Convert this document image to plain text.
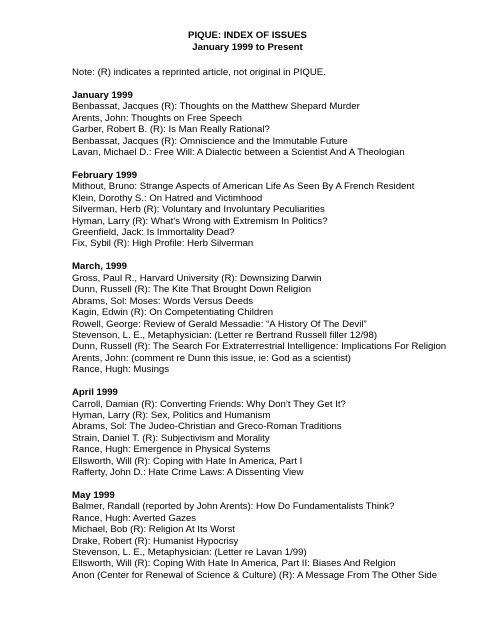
PIQUE: INDEX OF ISSUES
January 1999 to Present
Note: (R) indicates a reprinted article, not original in PIQUE.
January 1999
Benbassat, Jacques (R): Thoughts on the Matthew Shepard Murder
Arents, John: Thoughts on Free Speech
Garber, Robert B. (R): Is Man Really Rational?
Benbassat, Jacques (R): Omniscience and the Immutable Future
Lavan, Michael D.: Free Will: A Dialectic between a Scientist And A Theologian
February 1999
Mithout, Bruno: Strange Aspects of American Life As Seen By A French Resident
Klein, Dorothy S.: On Hatred and Victimhood
Silverman, Herb (R): Voluntary and Involuntary Peculiarities
Hyman, Larry (R): What’s Wrong with Extremism In Politics?
Greenfield, Jack: Is Immortality Dead?
Fix, Sybil (R): High Profile: Herb Silverman
March, 1999
Gross, Paul R., Harvard University (R): Downsizing Darwin
Dunn, Russell (R): The Kite That Brought Down Religion
Abrams, Sol: Moses: Words Versus Deeds
Kagin, Edwin (R): On Competentiating Children
Rowell, George: Review of Gerald Messadie: “A History Of The Devil”
Stevenson, L. E., Metaphysician: (Letter re Bertrand Russell filler 12/98)
Dunn, Russell (R): The Search For Extraterrestrial Intelligence: Implications For Religion
Arents, John: (comment re Dunn this issue, ie: God as a scientist)
Rance, Hugh: Musings
April 1999
Carroll, Damian (R): Converting Friends: Why Don’t They Get It?
Hyman, Larry (R): Sex, Politics and Humanism
Abrams, Sol: The Judeo-Christian and Greco-Roman Traditions
Strain, Daniel T. (R): Subjectivism and Morality
Rance, Hugh: Emergence in Physical Systems
Ellsworth, Will (R): Coping with Hate In America, Part I
Rafferty, John D.: Hate Crime Laws: A Dissenting View
May 1999
Balmer, Randall (reported by John Arents): How Do Fundamentalists Think?
Rance, Hugh: Averted Gazes
Michael, Bob (R): Religion At Its Worst
Drake, Robert (R): Humanist Hypocrisy
Stevenson, L. E., Metaphysician: (Letter re Lavan 1/99)
Ellsworth, Will (R): Coping With Hate In America, Part II: Biases And Relgion
Anon (Center for Renewal of Science & Culture) (R): A Message From The Other Side
